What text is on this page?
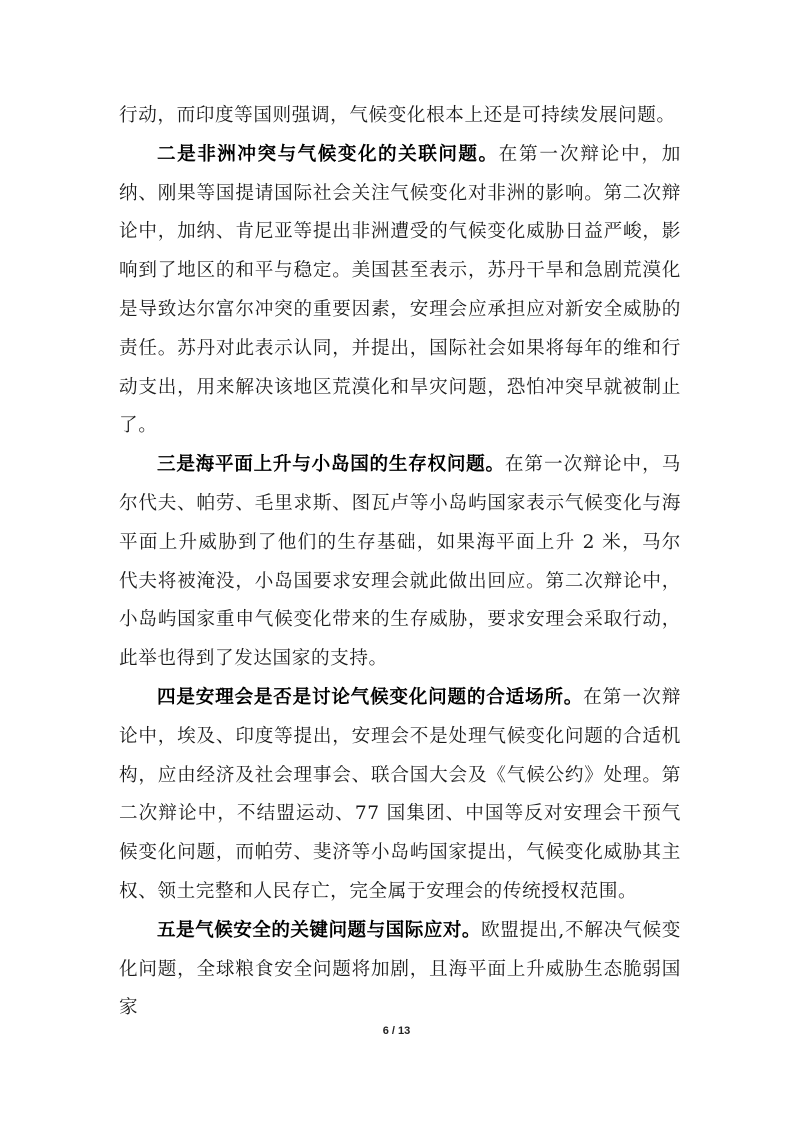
行动，而印度等国则强调，气候变化根本上还是可持续发展问题。

二是非洲冲突与气候变化的关联问题。在第一次辩论中，加纳、刚果等国提请国际社会关注气候变化对非洲的影响。第二次辩论中，加纳、肯尼亚等提出非洲遭受的气候变化威胁日益严峻，影响到了地区的和平与稳定。美国甚至表示，苏丹干旱和急剧荒漠化是导致达尔富尔冲突的重要因素，安理会应承担应对新安全威胁的责任。苏丹对此表示认同，并提出，国际社会如果将每年的维和行动支出，用来解决该地区荒漠化和旱灾问题，恐怕冲突早就被制止了。

三是海平面上升与小岛国的生存权问题。在第一次辩论中，马尔代夫、帕劳、毛里求斯、图瓦卢等小岛屿国家表示气候变化与海平面上升威胁到了他们的生存基础，如果海平面上升 2 米，马尔代夫将被淹没，小岛国要求安理会就此做出回应。第二次辩论中，小岛屿国家重申气候变化带来的生存威胁，要求安理会采取行动，此举也得到了发达国家的支持。

四是安理会是否是讨论气候变化问题的合适场所。在第一次辩论中，埃及、印度等提出，安理会不是处理气候变化问题的合适机构，应由经济及社会理事会、联合国大会及《气候公约》处理。第二次辩论中，不结盟运动、77 国集团、中国等反对安理会干预气候变化问题，而帕劳、斐济等小岛屿国家提出，气候变化威胁其主权、领土完整和人民存亡，完全属于安理会的传统授权范围。

五是气候安全的关键问题与国际应对。欧盟提出,不解决气候变化问题，全球粮食安全问题将加剧，且海平面上升威胁生态脆弱国家

6 / 13
